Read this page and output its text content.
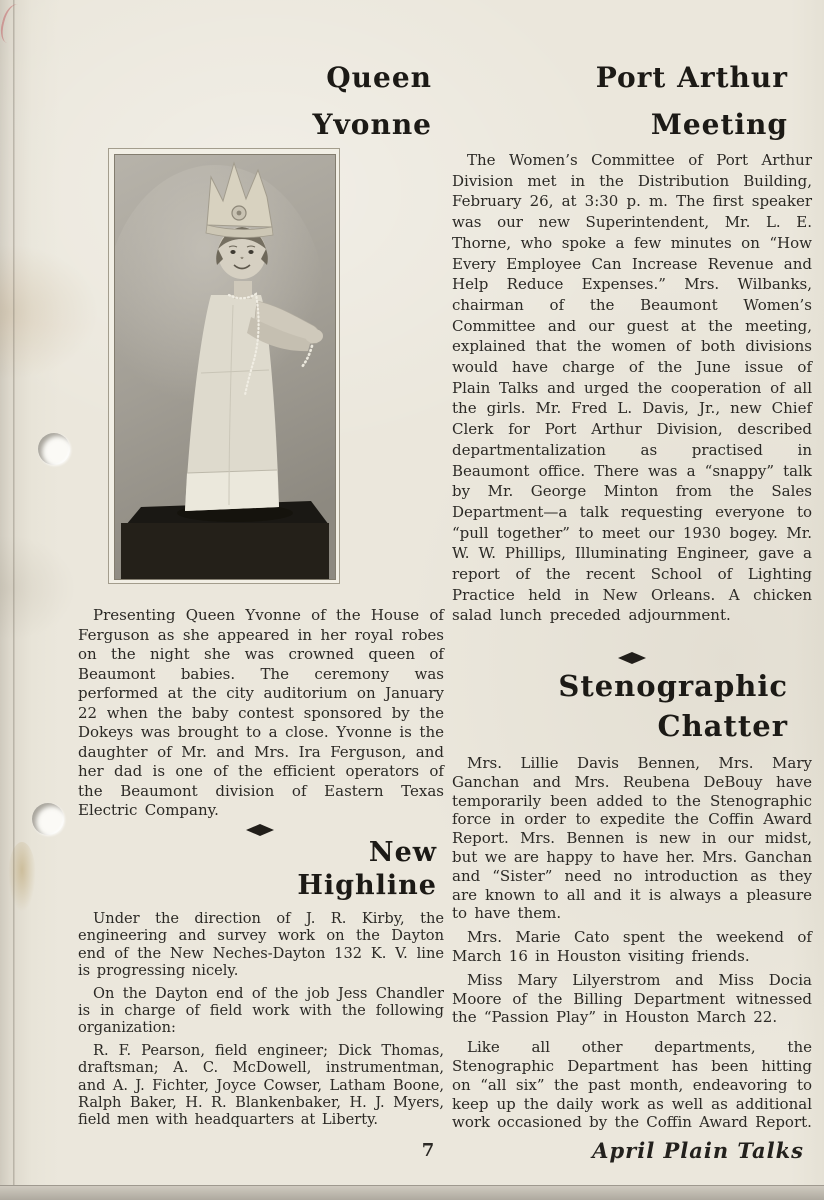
Queen
Yvonne

Presenting Queen Yvonne of the House of Ferguson as she appeared in her royal robes on the night she was crowned queen of Beaumont babies. The ceremony was performed at the city auditorium on January 22 when the baby contest sponsored by the Dokeys was brought to a close. Yvonne is the daughter of Mr. and Mrs. Ira Ferguson, and her dad is one of the efficient operators of the Beaumont division of Eastern Texas Electric Company.

New
Highline

Under the direction of J. R. Kirby, the engineering and survey work on the Dayton end of the New Neches-Dayton 132 K. V. line is progressing nicely.

On the Dayton end of the job Jess Chandler is in charge of field work with the following organization:

R. F. Pearson, field engineer; Dick Thomas, draftsman; A. C. McDowell, instrumentman, and A. J. Fichter, Joyce Cowser, Latham Boone, Ralph Baker, H. R. Blankenbaker, H. J. Myers, field men with headquarters at Liberty.

Port Arthur
Meeting

The Women’s Committee of Port Arthur Division met in the Distribution Building, February 26, at 3:30 p. m. The first speaker was our new Superintendent, Mr. L. E. Thorne, who spoke a few minutes on “How Every Employee Can Increase Revenue and Help Reduce Expenses.” Mrs. Wilbanks, chairman of the Beaumont Women’s Committee and our guest at the meeting, explained that the women of both divisions would have charge of the June issue of Plain Talks and urged the cooperation of all the girls. Mr. Fred L. Davis, Jr., new Chief Clerk for Port Arthur Division, described departmentalization as practised in Beaumont office. There was a “snappy” talk by Mr. George Minton from the Sales Department—a talk requesting everyone to “pull together” to meet our 1930 bogey. Mr. W. W. Phillips, Illuminating Engineer, gave a report of the recent School of Lighting Practice held in New Orleans. A chicken salad lunch preceded adjournment.

Stenographic
Chatter

Mrs. Lillie Davis Bennen, Mrs. Mary Ganchan and Mrs. Reubena DeBouy have temporarily been added to the Stenographic force in order to expedite the Coffin Award Report. Mrs. Bennen is new in our midst, but we are happy to have her. Mrs. Ganchan and “Sister” need no introduction as they are known to all and it is always a pleasure to have them.

Mrs. Marie Cato spent the weekend of March 16 in Houston visiting friends.

Miss Mary Lilyerstrom and Miss Docia Moore of the Billing Department witnessed the “Passion Play” in Houston March 22.

Like all other departments, the Stenographic Department has been hitting on “all six” the past month, endeavoring to keep up the daily work as well as additional work occasioned by the Coffin Award Report.

7	April Plain Talks
